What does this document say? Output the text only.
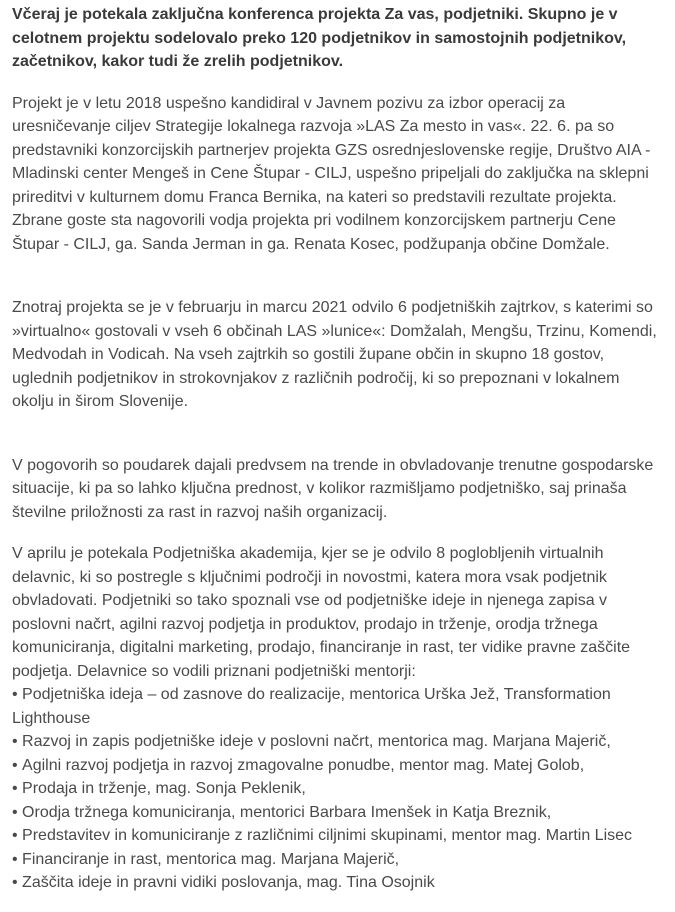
Včeraj je potekala zaključna konferenca projekta Za vas, podjetniki. Skupno je v celotnem projektu sodelovalo preko 120 podjetnikov in samostojnih podjetnikov, začetnikov, kakor tudi že zrelih podjetnikov.

Projekt je v letu 2018 uspešno kandidiral v Javnem pozivu za izbor operacij za uresničevanje ciljev Strategije lokalnega razvoja »LAS Za mesto in vas«. 22. 6. pa so predstavniki konzorcijskih partnerjev projekta GZS osrednjeslovenske regije, Društvo AIA - Mladinski center Mengeš in Cene Štupar - CILJ, uspešno pripeljali do zaključka na sklepni prireditvi v kulturnem domu Franca Bernika, na kateri so predstavili rezultate projekta. Zbrane goste sta nagovorili vodja projekta pri vodilnem konzorcijskem partnerju Cene Štupar - CILJ, ga. Sanda Jerman in ga. Renata Kosec, podžupanja občine Domžale.

Znotraj projekta se je v februarju in marcu 2021 odvilo 6 podjetniških zajtrkov, s katerimi so »virtualno« gostovali v vseh 6 občinah LAS »lunice«: Domžalah, Mengšu, Trzinu, Komendi, Medvodah in Vodicah. Na vseh zajtrkih so gostili župane občin in skupno 18 gostov, uglednih podjetnikov in strokovnjakov z različnih področij, ki so prepoznani v lokalnem okolju in širom Slovenije.

V pogovorih so poudarek dajali predvsem na trende in obvladovanje trenutne gospodarske situacije, ki pa so lahko ključna prednost, v kolikor razmišljamo podjetniško, saj prinaša številne priložnosti za rast in razvoj naših organizacij.

V aprilu je potekala Podjetniška akademija, kjer se je odvilo 8 poglobljenih virtualnih delavnic, ki so postregle s ključnimi področji in novostmi, katera mora vsak podjetnik obvladovati. Podjetniki so tako spoznali vse od podjetniške ideje in njenega zapisa v poslovni načrt, agilni razvoj podjetja in produktov, prodajo in trženje, orodja tržnega komuniciranja, digitalni marketing, prodajo, financiranje in rast, ter vidike pravne zaščite podjetja. Delavnice so vodili priznani podjetniški mentorji:

• Podjetniška ideja – od zasnove do realizacije, mentorica Urška Jež, Transformation Lighthouse
• Razvoj in zapis podjetniške ideje v poslovni načrt, mentorica mag. Marjana Majerič,
• Agilni razvoj podjetja in razvoj zmagovalne ponudbe, mentor mag. Matej Golob,
• Prodaja in trženje, mag. Sonja Peklenik,
• Orodja tržnega komuniciranja, mentorici Barbara Imenšek in Katja Breznik,
• Predstavitev in komuniciranje z različnimi ciljnimi skupinami, mentor mag. Martin Lisec
• Financiranje in rast, mentorica mag. Marjana Majerič,
• Zaščita ideje in pravni vidiki poslovanja, mag. Tina Osojnik
